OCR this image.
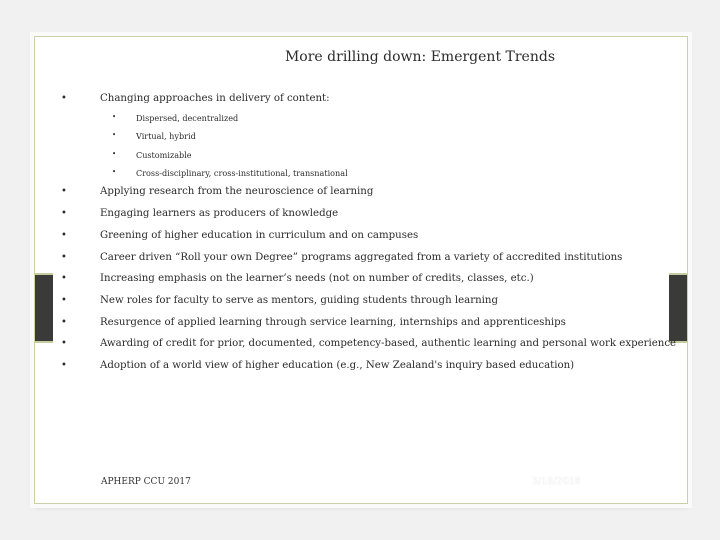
More drilling down: Emergent Trends
•	Changing approaches in delivery of content:
• Dispersed, decentralized
• Virtual, hybrid
• Customizable
• Cross-disciplinary, cross-institutional, transnational
•	Applying research from the neuroscience of learning
•	Engaging learners as producers of knowledge
•	Greening of higher education in curriculum and on campuses
•	Career driven “Roll your own Degree” programs aggregated from a variety of accredited institutions
•	Increasing emphasis on the learner’s needs (not on number of credits, classes, etc.)
•	New roles for faculty to serve as mentors, guiding students through learning
•	Resurgence of applied learning through service learning, internships and apprenticeships
•	Awarding of credit for prior, documented, competency-based, authentic learning and personal work experience
•	Adoption of a world view of higher education (e.g., New Zealand's inquiry based education)
APHERP CCU 2017	3/16/2018
